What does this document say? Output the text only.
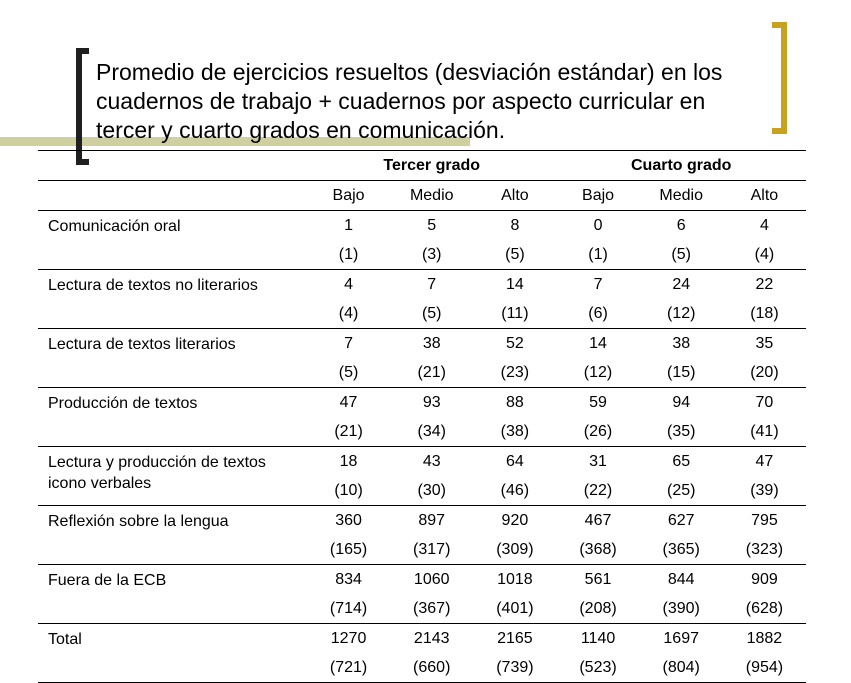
Promedio de ejercicios resueltos (desviación estándar) en los cuadernos de trabajo + cuadernos por aspecto curricular en tercer y cuarto grados en comunicación.
	Tercer grado			Cuarto grado		
	Bajo	Medio	Alto	Bajo	Medio	Alto
Comunicación oral	1	5	8	0	6	4
	(1)	(3)	(5)	(1)	(5)	(4)
Lectura de textos no literarios	4	7	14	7	24	22
	(4)	(5)	(11)	(6)	(12)	(18)
Lectura de textos literarios	7	38	52	14	38	35
	(5)	(21)	(23)	(12)	(15)	(20)
Producción de textos	47	93	88	59	94	70
	(21)	(34)	(38)	(26)	(35)	(41)
Lectura y producción de textos icono verbales	18	43	64	31	65	47
	(10)	(30)	(46)	(22)	(25)	(39)
Reflexión sobre la lengua	360	897	920	467	627	795
	(165)	(317)	(309)	(368)	(365)	(323)
Fuera de la ECB	834	1060	1018	561	844	909
	(714)	(367)	(401)	(208)	(390)	(628)
Total	1270	2143	2165	1140	1697	1882
	(721)	(660)	(739)	(523)	(804)	(954)
